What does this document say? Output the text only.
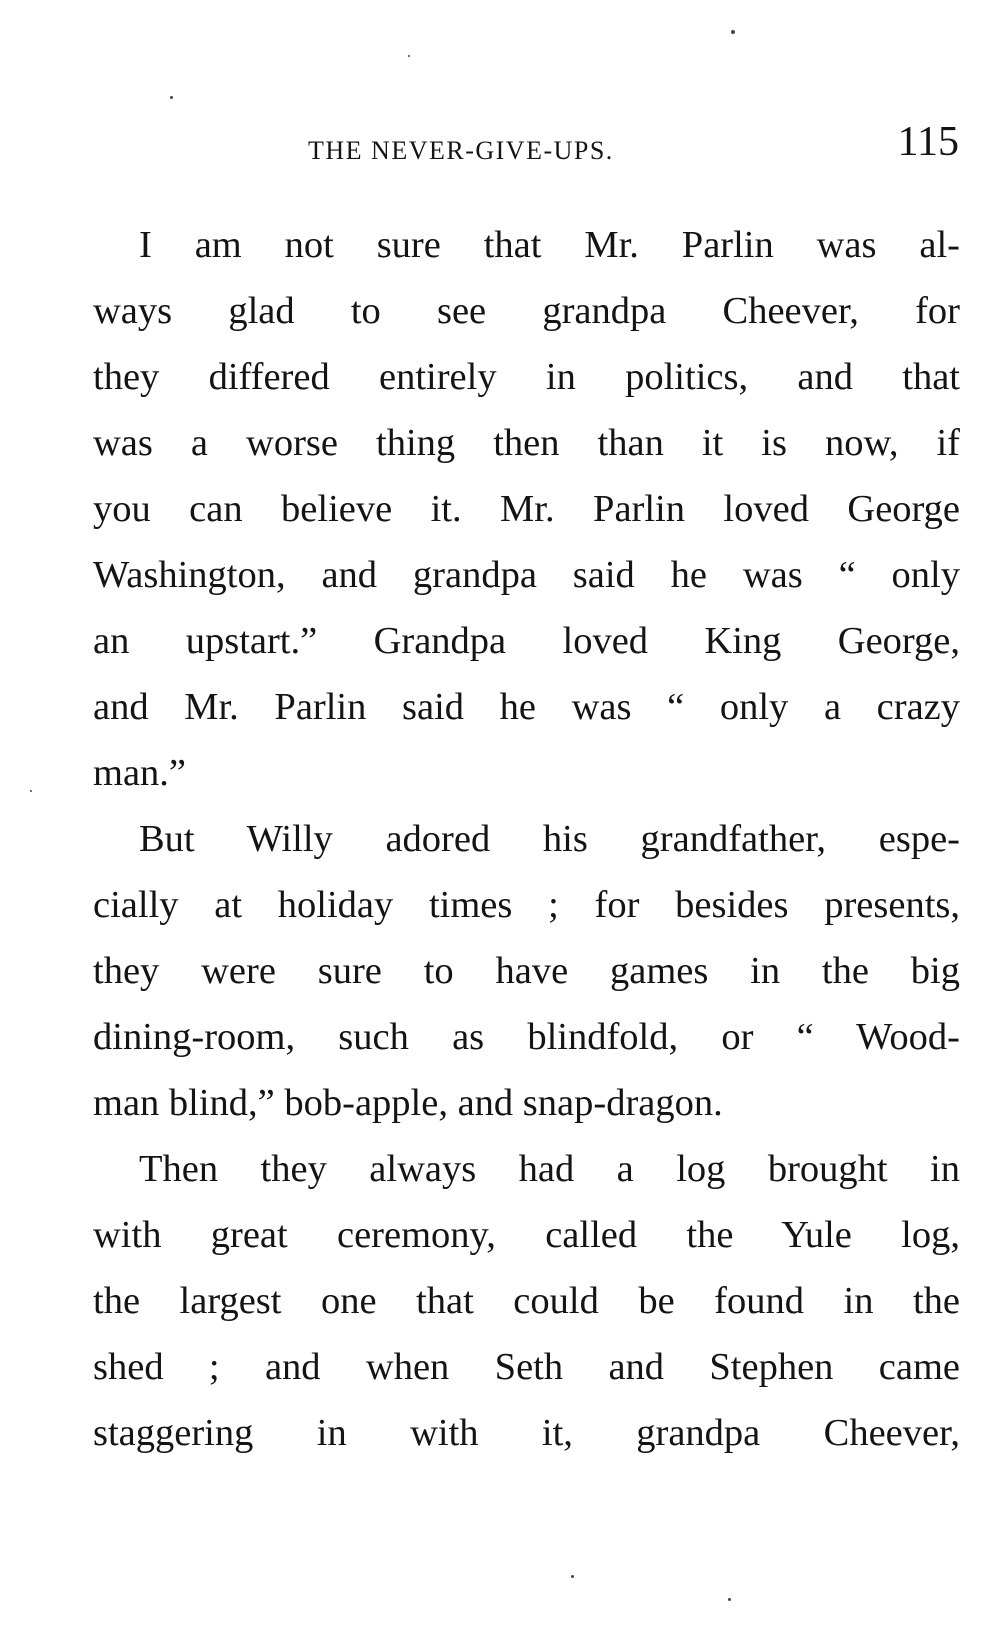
THE NEVER-GIVE-UPS.	115
I am not sure that Mr. Parlin was al-
ways glad to see grandpa Cheever, for
they differed entirely in politics, and that
was a worse thing then than it is now, if
you can believe it. Mr. Parlin loved George
Washington, and grandpa said he was “ only
an upstart.” Grandpa loved King George,
and Mr. Parlin said he was “ only a crazy
man.”
But Willy adored his grandfather, espe-
cially at holiday times ; for besides presents,
they were sure to have games in the big
dining-room, such as blindfold, or “ Wood-
man blind,” bob-apple, and snap-dragon.
Then they always had a log brought in
with great ceremony, called the Yule log,
the largest one that could be found in the
shed ; and when Seth and Stephen came
staggering in with it, grandpa Cheever,
